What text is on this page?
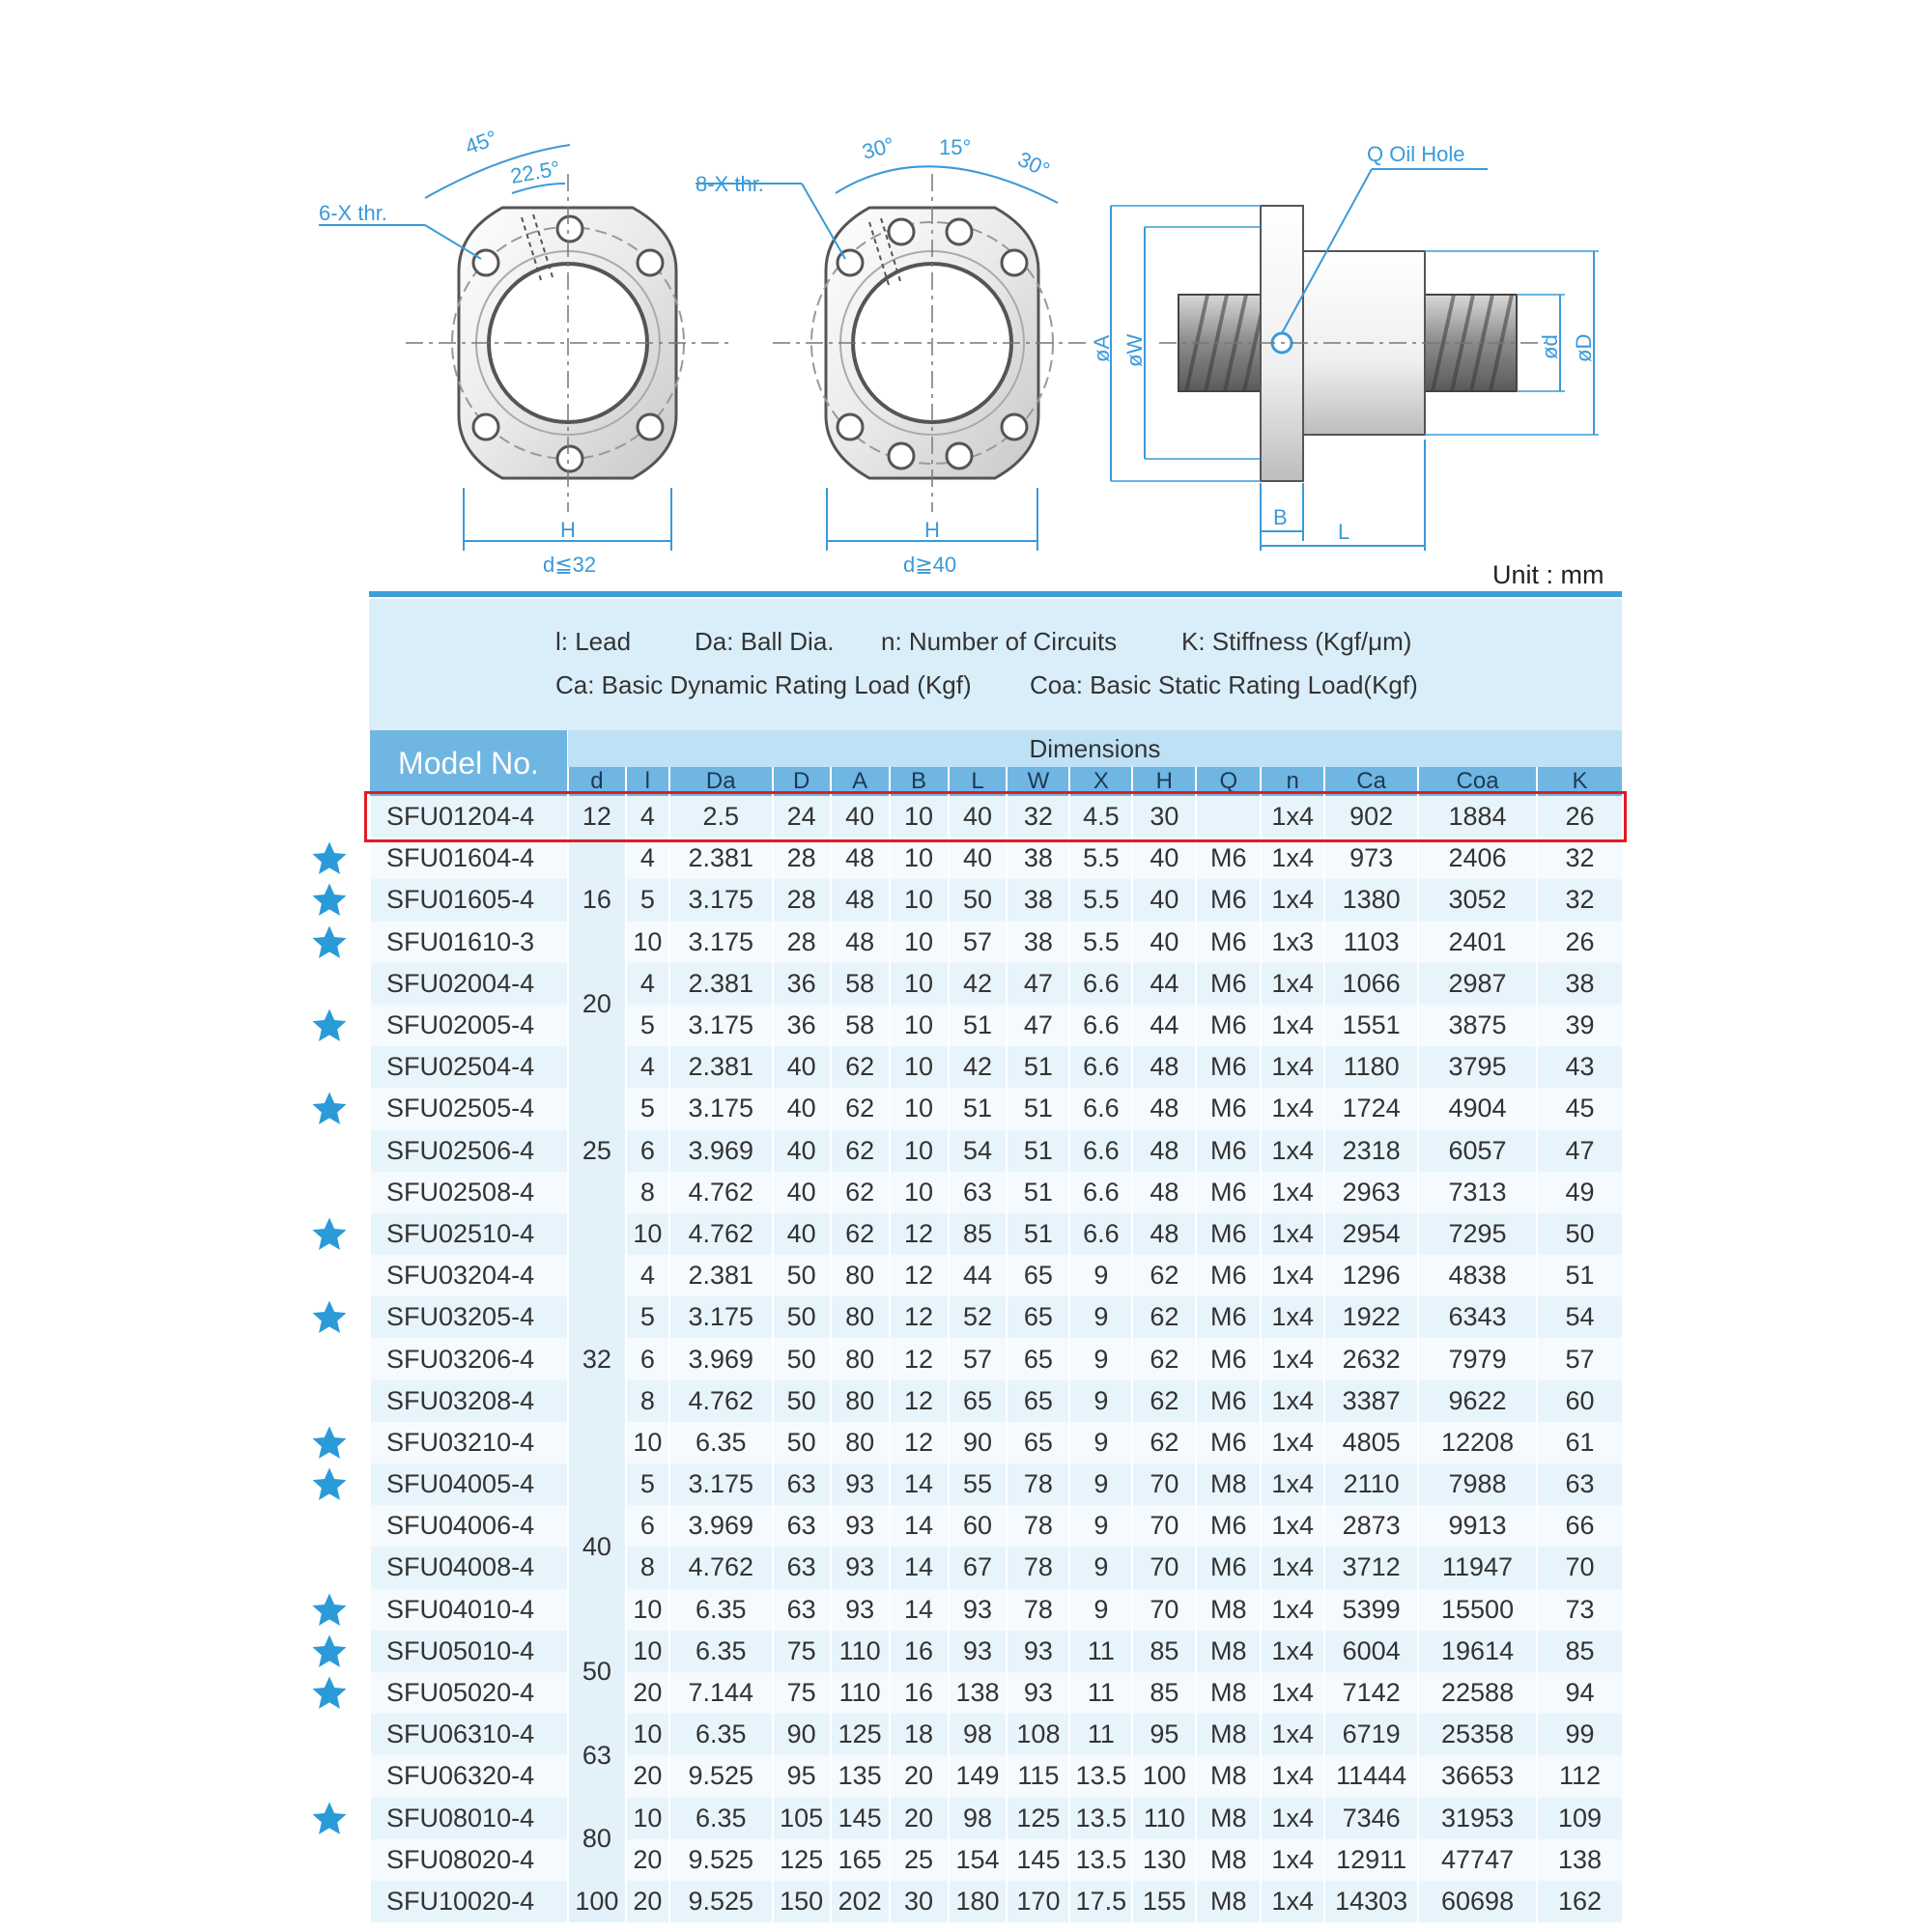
45°
22.5°
6-X thr.
H
d≦32
30° 15° 30°
8-X thr.
H
d≧40
Q Oil Hole
øA øW	ød øD
B
L
Unit : mm
l: Lead	Da: Ball Dia. n: Number of Circuits	K: Stiffness (Kgf/μm)
Ca: Basic Dynamic Rating Load (Kgf) Coa: Basic Static Rating Load(Kgf)
Model No.	Dimensions														
	d	l	Da	D	A	B	L	W	X	H	Q	n	Ca	Coa	K
SFU01204-4	12	4	2.5	24	40	10	40	32	4.5	30		1x4	902	1884	26
SFU01604-4	16	4	2.381	28	48	10	40	38	5.5	40	M6	1x4	973	2406	32
SFU01605-4		5	3.175	28	48	10	50	38	5.5	40	M6	1x4	1380	3052	32
SFU01610-3		10	3.175	28	48	10	57	38	5.5	40	M6	1x3	1103	2401	26
SFU02004-4	20	4	2.381	36	58	10	42	47	6.6	44	M6	1x4	1066	2987	38
SFU02005-4		5	3.175	36	58	10	51	47	6.6	44	M6	1x4	1551	3875	39
SFU02504-4	25	4	2.381	40	62	10	42	51	6.6	48	M6	1x4	1180	3795	43
SFU02505-4		5	3.175	40	62	10	51	51	6.6	48	M6	1x4	1724	4904	45
SFU02506-4		6	3.969	40	62	10	54	51	6.6	48	M6	1x4	2318	6057	47
SFU02508-4		8	4.762	40	62	10	63	51	6.6	48	M6	1x4	2963	7313	49
SFU02510-4		10	4.762	40	62	12	85	51	6.6	48	M6	1x4	2954	7295	50
SFU03204-4	32	4	2.381	50	80	12	44	65	9	62	M6	1x4	1296	4838	51
SFU03205-4		5	3.175	50	80	12	52	65	9	62	M6	1x4	1922	6343	54
SFU03206-4		6	3.969	50	80	12	57	65	9	62	M6	1x4	2632	7979	57
SFU03208-4		8	4.762	50	80	12	65	65	9	62	M6	1x4	3387	9622	60
SFU03210-4		10	6.35	50	80	12	90	65	9	62	M6	1x4	4805	12208	61
SFU04005-4	40	5	3.175	63	93	14	55	78	9	70	M8	1x4	2110	7988	63
SFU04006-4		6	3.969	63	93	14	60	78	9	70	M6	1x4	2873	9913	66
SFU04008-4		8	4.762	63	93	14	67	78	9	70	M6	1x4	3712	11947	70
SFU04010-4		10	6.35	63	93	14	93	78	9	70	M8	1x4	5399	15500	73
SFU05010-4	50	10	6.35	75	110	16	93	93	11	85	M8	1x4	6004	19614	85
SFU05020-4		20	7.144	75	110	16	138	93	11	85	M8	1x4	7142	22588	94
SFU06310-4	63	10	6.35	90	125	18	98	108	11	95	M8	1x4	6719	25358	99
SFU06320-4		20	9.525	95	135	20	149	115	13.5	100	M8	1x4	11444	36653	112
SFU08010-4	80	10	6.35	105	145	20	98	125	13.5	110	M8	1x4	7346	31953	109
SFU08020-4		20	9.525	125	165	25	154	145	13.5	130	M8	1x4	12911	47747	138
SFU10020-4	100	20	9.525	150	202	30	180	170	17.5	155	M8	1x4	14303	60698	162
